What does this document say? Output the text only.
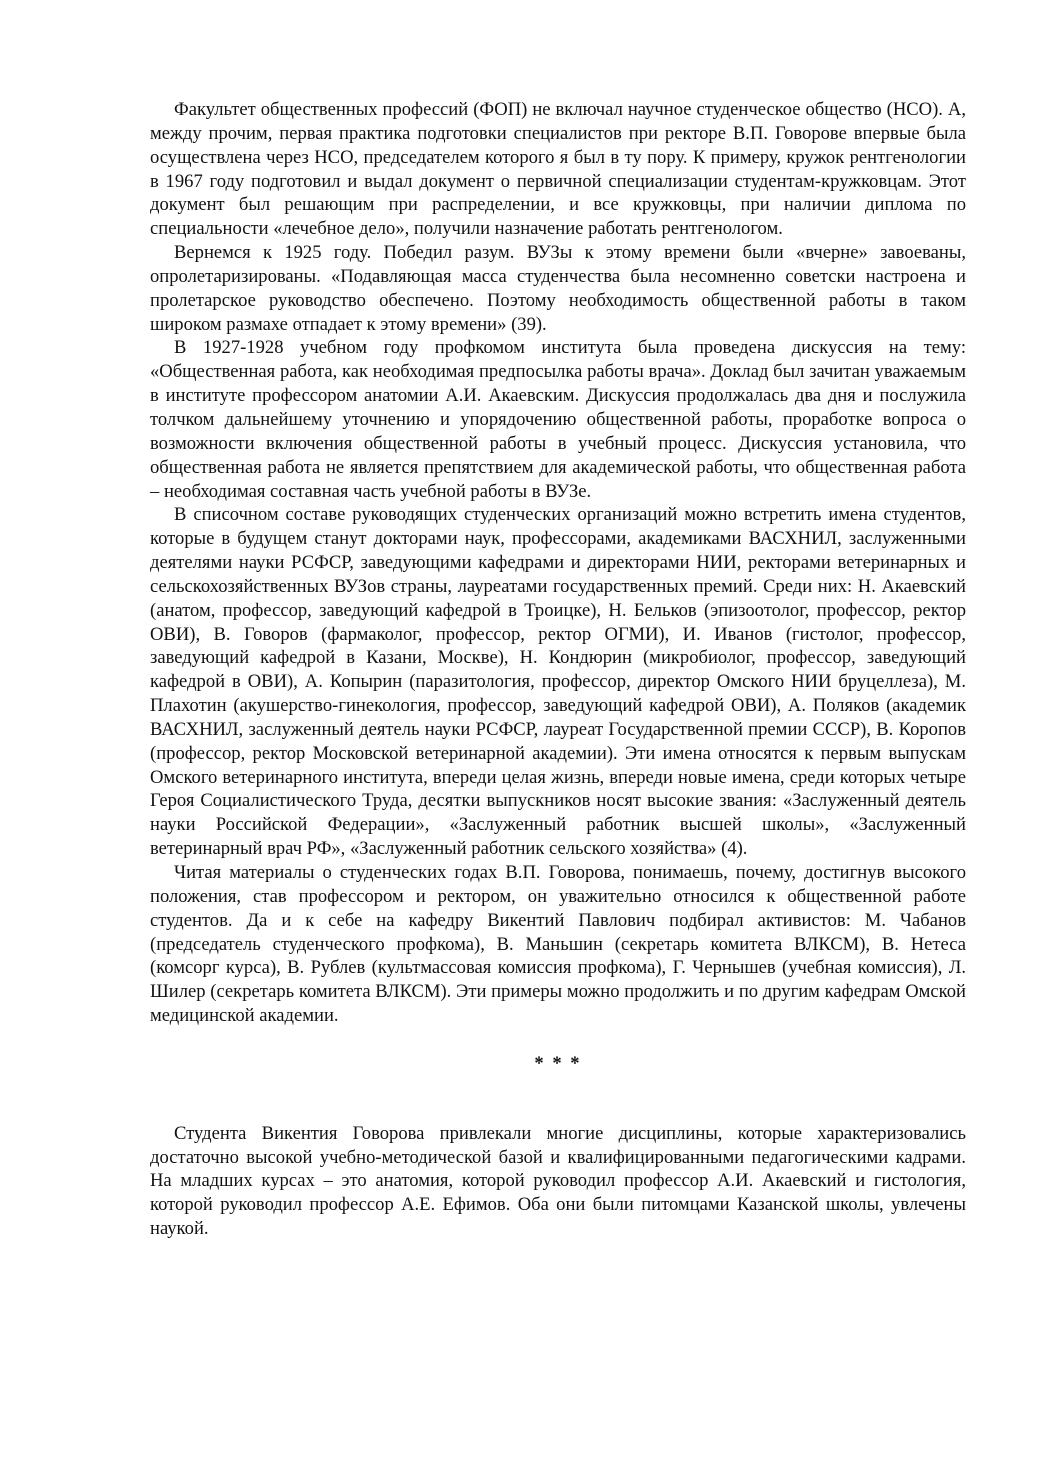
Факультет общественных профессий (ФОП) не включал научное студенческое общество (НСО). А, между прочим, первая практика подготовки специалистов при ректоре В.П. Говорове впервые была осуществлена через НСО, председателем которого я был в ту пору. К примеру, кружок рентгенологии в 1967 году подготовил и выдал документ о первичной специализации студентам-кружковцам. Этот документ был решающим при распределении, и все кружковцы, при наличии диплома по специальности «лечебное дело», получили назначение работать рентгенологом.

Вернемся к 1925 году. Победил разум. ВУЗы к этому времени были «вчерне» завоеваны, опролетаризированы. «Подавляющая масса студенчества была несомненно советски настроена и пролетарское руководство обеспечено. Поэтому необходимость общественной работы в таком широком размахе отпадает к этому времени» (39).

В 1927-1928 учебном году профкомом института была проведена дискуссия на тему: «Общественная работа, как необходимая предпосылка работы врача». Доклад был зачитан уважаемым в институте профессором анатомии А.И. Акаевским. Дискуссия продолжалась два дня и послужила толчком дальнейшему уточнению и упорядочению общественной работы, проработке вопроса о возможности включения общественной работы в учебный процесс. Дискуссия установила, что общественная работа не является препятствием для академической работы, что общественная работа – необходимая составная часть учебной работы в ВУЗе.

В списочном составе руководящих студенческих организаций можно встретить имена студентов, которые в будущем станут докторами наук, профессорами, академиками ВАСХНИЛ, заслуженными деятелями науки РСФСР, заведующими кафедрами и директорами НИИ, ректорами ветеринарных и сельскохозяйственных ВУЗов страны, лауреатами государственных премий. Среди них: Н. Акаевский (анатом, профессор, заведующий кафедрой в Троицке), Н. Бельков (эпизоотолог, профессор, ректор ОВИ), В. Говоров (фармаколог, профессор, ректор ОГМИ), И. Иванов (гистолог, профессор, заведующий кафедрой в Казани, Москве), Н. Кондюрин (микробиолог, профессор, заведующий кафедрой в ОВИ), А. Копырин (паразитология, профессор, директор Омского НИИ бруцеллеза), М. Плахотин (акушерство-гинекология, профессор, заведующий кафедрой ОВИ), А. Поляков (академик ВАСХНИЛ, заслуженный деятель науки РСФСР, лауреат Государственной премии СССР), В. Коропов (профессор, ректор Московской ветеринарной академии). Эти имена относятся к первым выпускам Омского ветеринарного института, впереди целая жизнь, впереди новые имена, среди которых четыре Героя Социалистического Труда, десятки выпускников носят высокие звания: «Заслуженный деятель науки Российской Федерации», «Заслуженный работник высшей школы», «Заслуженный ветеринарный врач РФ», «Заслуженный работник сельского хозяйства» (4).

Читая материалы о студенческих годах В.П. Говорова, понимаешь, почему, достигнув высокого положения, став профессором и ректором, он уважительно относился к общественной работе студентов. Да и к себе на кафедру Викентий Павлович подбирал активистов: М. Чабанов (председатель студенческого профкома), В. Маньшин (секретарь комитета ВЛКСМ), В. Нетеса (комсорг курса), В. Рублев (культмассовая комиссия профкома), Г. Чернышев (учебная комиссия), Л. Шилер (секретарь комитета ВЛКСМ). Эти примеры можно продолжить и по другим кафедрам Омской медицинской академии.

* * *

Студента Викентия Говорова привлекали многие дисциплины, которые характеризовались достаточно высокой учебно-методической базой и квалифицированными педагогическими кадрами. На младших курсах – это анатомия, которой руководил профессор А.И. Акаевский и гистология, которой руководил профессор А.Е. Ефимов. Оба они были питомцами Казанской школы, увлечены наукой.
